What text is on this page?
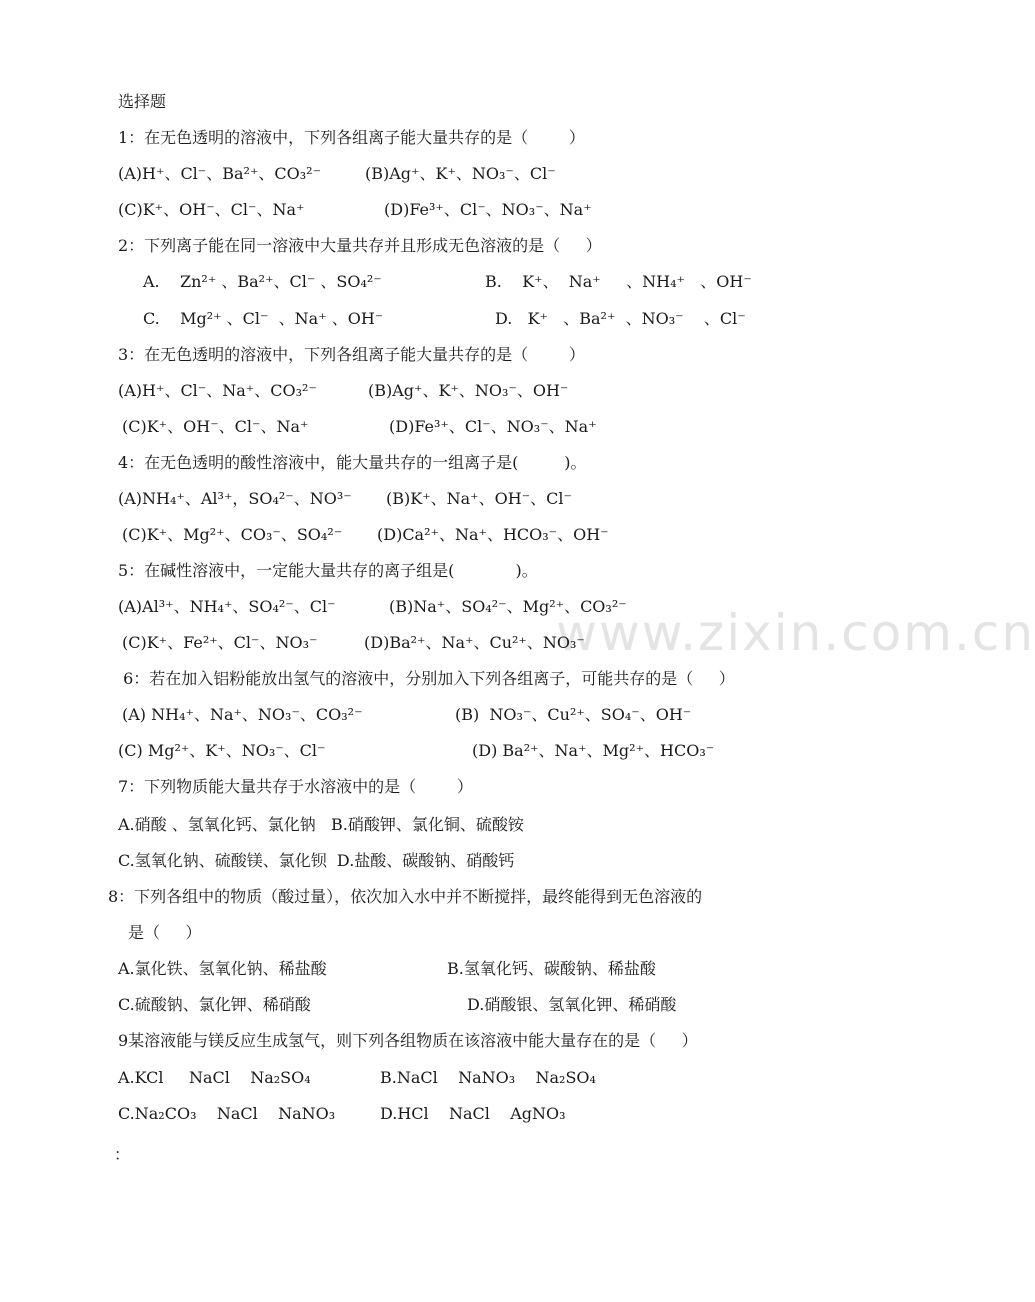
www.zixin.com.cn
选择题
1：在无色透明的溶液中，下列各组离子能大量共存的是（        ）
(A)H⁺、Cl⁻、Ba²⁺、CO₃²⁻	(B)Ag⁺、K⁺、NO₃⁻、Cl⁻
(C)K⁺、OH⁻、Cl⁻、Na⁺	(D)Fe³⁺、Cl⁻、NO₃⁻、Na⁺
2：下列离子能在同一溶液中大量共存并且形成无色溶液的是（     ）
A.    Zn²⁺ 、Ba²⁺、Cl⁻ 、SO₄²⁻	B.    K⁺、  Na⁺     、NH₄⁺   、OH⁻
C.    Mg²⁺ 、Cl⁻  、Na⁺ 、OH⁻	D.   K⁺   、Ba²⁺  、NO₃⁻    、Cl⁻
3：在无色透明的溶液中，下列各组离子能大量共存的是（        ）
(A)H⁺、Cl⁻、Na⁺、CO₃²⁻	(B)Ag⁺、K⁺、NO₃⁻、OH⁻
(C)K⁺、OH⁻、Cl⁻、Na⁺	(D)Fe³⁺、Cl⁻、NO₃⁻、Na⁺
4：在无色透明的酸性溶液中，能大量共存的一组离子是(         )。
(A)NH₄⁺、Al³⁺，SO₄²⁻、NO³⁻ (B)K⁺、Na⁺、OH⁻、Cl⁻
(C)K⁺、Mg²⁺、CO₃⁻、SO₄²⁻ (D)Ca²⁺、Na⁺、HCO₃⁻、OH⁻
5：在碱性溶液中，一定能大量共存的离子组是(            )。
(A)Al³⁺、NH₄⁺、SO₄²⁻、Cl⁻	(B)Na⁺、SO₄²⁻、Mg²⁺、CO₃²⁻
(C)K⁺、Fe²⁺、Cl⁻、NO₃⁻	(D)Ba²⁺、Na⁺、Cu²⁺、NO₃⁻
6：若在加入铝粉能放出氢气的溶液中，分别加入下列各组离子，可能共存的是（     ）
(A) NH₄⁺、Na⁺、NO₃⁻、CO₃²⁻	(B)  NO₃⁻、Cu²⁺、SO₄⁻、OH⁻
(C) Mg²⁺、K⁺、NO₃⁻、Cl⁻	(D) Ba²⁺、Na⁺、Mg²⁺、HCO₃⁻
7：下列物质能大量共存于水溶液中的是（        ）
A.硝酸 、氢氧化钙、氯化钠   B.硝酸钾、氯化铜、硫酸铵
C.氢氧化钠、硫酸镁、氯化钡  D.盐酸、碳酸钠、硝酸钙
8：下列各组中的物质（酸过量），依次加入水中并不断搅拌，最终能得到无色溶液的
是（     ）
A.氯化铁、氢氧化钠、稀盐酸	B.氢氧化钙、碳酸钠、稀盐酸
C.硫酸钠、氯化钾、稀硝酸	D.硝酸银、氢氧化钾、稀硝酸
9某溶液能与镁反应生成氢气，则下列各组物质在该溶液中能大量存在的是（     ）
A.KCl     NaCl    Na₂SO₄	B.NaCl    NaNO₃    Na₂SO₄
C.Na₂CO₃    NaCl    NaNO₃	D.HCl    NaCl    AgNO₃
：
